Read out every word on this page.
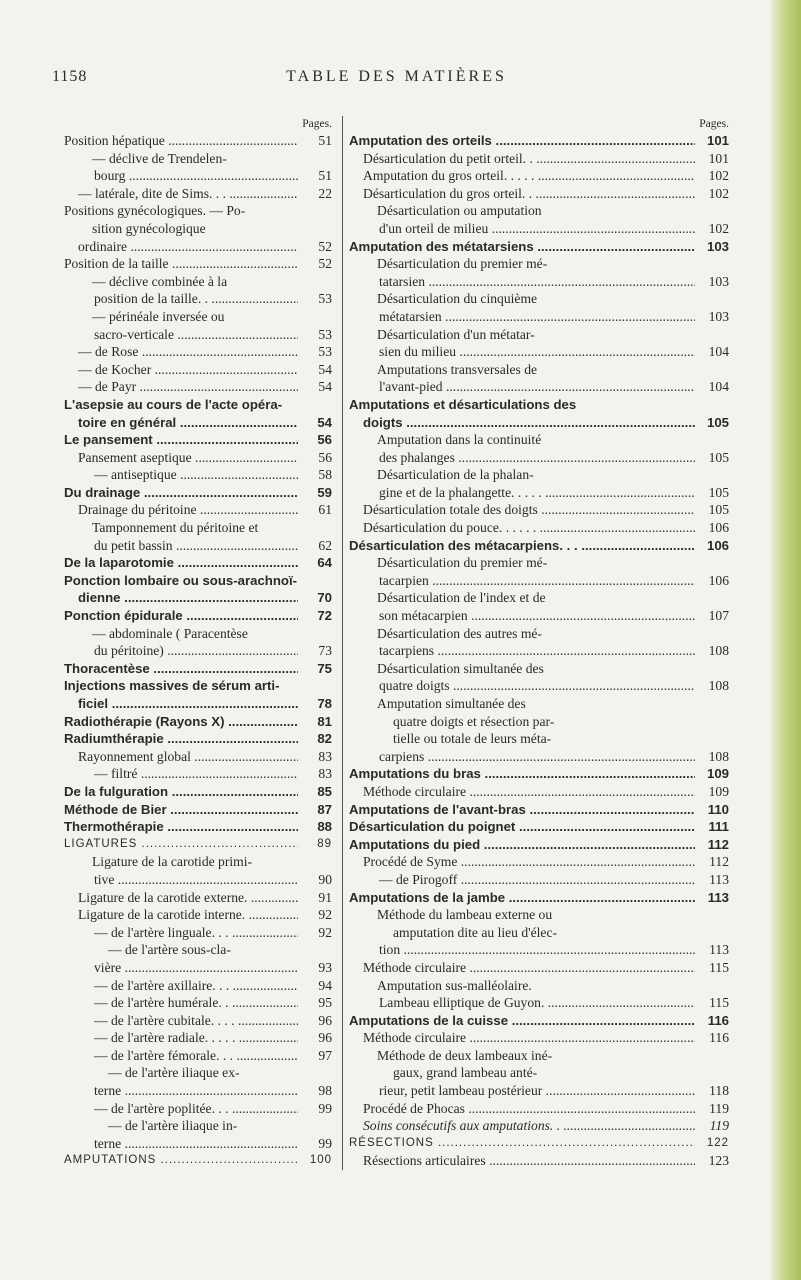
1158	TABLE DES MATIÈRES
Pages.
Position hépatique .....	51
— déclive de Trendelen-
bourg .....	51
— latérale, dite de Sims. . . .....	22
Positions gynécologiques. — Po-
sition gynécologique
ordinaire .....	52
Position de la taille .....	52
— déclive combinée à la
position de la taille. . .....	53
— périnéale inversée ou
sacro-verticale .....	53
— de Rose .....	53
— de Kocher .....	54
— de Payr .....	54
L'asepsie au cours de l'acte opéra-
toire en général .....	54
Le pansement .....	56
Pansement aseptique .....	56
— antiseptique .....	58
Du drainage .....	59
Drainage du péritoine .....	61
Tamponnement du péritoine et
du petit bassin .....	62
De la laparotomie .....	64
Ponction lombaire ou sous-arachnoï-
dienne .....	70
Ponction épidurale .....	72
— abdominale ( Paracentèse
du péritoine) .....	73
Thoracentèse .....	75
Injections massives de sérum arti-
ficiel .....	78
Radiothérapie (Rayons X) .....	81
Radiumthérapie .....	82
Rayonnement global .....	83
— filtré .....	83
De la fulguration .....	85
Méthode de Bier .....	87
Thermothérapie .....	88
LIGATURES .....	89
Ligature de la carotide primi-
tive .....	90
Ligature de la carotide externe. .....	91
Ligature de la carotide interne. .....	92
— de l'artère linguale. . . .....	92
— de l'artère sous-cla-
vière .....	93
— de l'artère axillaire. . . .....	94
— de l'artère humérale. . .....	95
— de l'artère cubitale. . . . .....	96
— de l'artère radiale. . . . . .....	96
— de l'artère fémorale. . . .....	97
— de l'artère iliaque ex-
terne .....	98
— de l'artère poplitée. . . .....	99
— de l'artère iliaque in-
terne .....	99
AMPUTATIONS .....	100
Pages.
Amputation des orteils .....	101
Désarticulation du petit orteil. . .....	101
Amputation du gros orteil. . . . . .....	102
Désarticulation du gros orteil. . .....	102
Désarticulation ou amputation
d'un orteil de milieu .....	102
Amputation des métatarsiens .....	103
Désarticulation du premier mé-
tatarsien .....	103
Désarticulation du cinquième
métatarsien .....	103
Désarticulation d'un métatar-
sien du milieu .....	104
Amputations transversales de
l'avant-pied .....	104
Amputations et désarticulations des
doigts .....	105
Amputation dans la continuité
des phalanges .....	105
Désarticulation de la phalan-
gine et de la phalangette. . . . . .....	105
Désarticulation totale des doigts .....	105
Désarticulation du pouce. . . . . . .....	106
Désarticulation des métacarpiens. . . .....	106
Désarticulation du premier mé-
tacarpien .....	106
Désarticulation de l'index et de
son métacarpien .....	107
Désarticulation des autres mé-
tacarpiens .....	108
Désarticulation simultanée des
quatre doigts .....	108
Amputation simultanée des
quatre doigts et résection par-
tielle ou totale de leurs méta-
carpiens .....	108
Amputations du bras .....	109
Méthode circulaire .....	109
Amputations de l'avant-bras .....	110
Désarticulation du poignet .....	111
Amputations du pied .....	112
Procédé de Syme .....	112
— de Pirogoff .....	113
Amputations de la jambe .....	113
Méthode du lambeau externe ou
amputation dite au lieu d'élec-
tion .....	113
Méthode circulaire .....	115
Amputation sus-malléolaire.
Lambeau elliptique de Guyon. .....	115
Amputations de la cuisse .....	116
Méthode circulaire .....	116
Méthode de deux lambeaux iné-
gaux, grand lambeau anté-
rieur, petit lambeau postérieur .....	118
Procédé de Phocas .....	119
Soins consécutifs aux amputations. . .....	119
RÉSECTIONS .....	122
Résections articulaires .....	123
